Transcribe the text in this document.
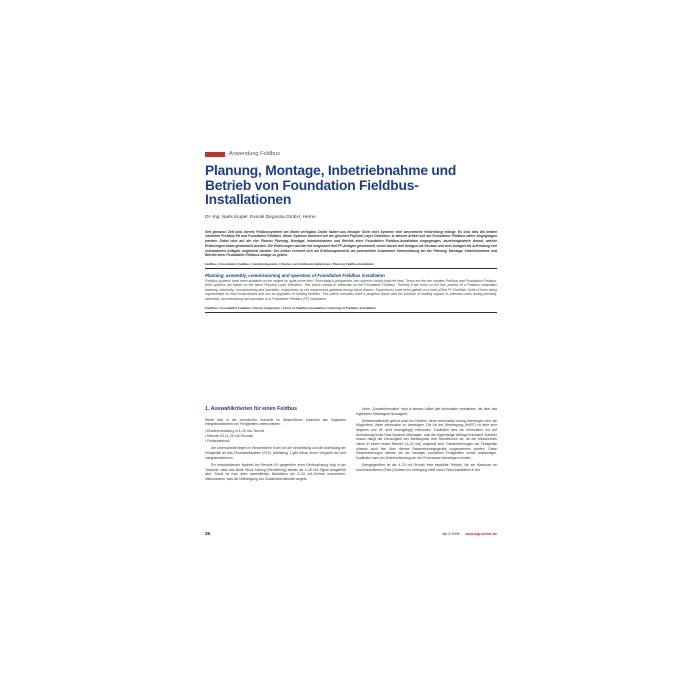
Anwendung Feldbus
Planung, Montage, Inbetriebnahme und Betrieb von Foundation Fieldbus-Installationen
Dr.-Ing. Niels Kiupel, Evonik Degussa GmbH, Herne

Seit genauso Zeit sind bereits Feldbussysteme am Markt verfügbar. Dabei haben aus heutiger Sicht zwei Systeme eine wesentliche Verbreitung erlangt. Es sind dies die beiden Varianten Profibus PA und Foundation Fieldbus. Beide Systeme basieren auf der gleichen Physical Layer Definition. In diesem Artikel soll auf Foundation Fieldbus näher eingegangen werden. Dabei wird auf die vier Phasen Planung, Montage, Inbetriebnahme und Betrieb einer Foundation Fieldbus-Installation eingegangen, beziehungsweise darauf, welche Erfahrungen dabei gesammelt wurden. Die Erfahrungen wurden bei insgesamt fünf FF-Anlagen gesammelt, wobei davon drei Anlagen als Neubau und zwei Anlagen als Aufrüstung von vorhandenen Anlagen umgesetzt wurden. Der Artikel versteht sich als Erfahrungsbericht um potenziellen Anwendern Unterstützung bei der Planung, Montage, Inbetriebnahme und Betrieb einer Foundation Fieldbus-Anlage zu geben.

Feldbus / Foundation Fieldbus / Geräteintegration / Kosten von Feldbusinstallationen / Planung Feldbusinstallation
Planning, assembly, commissioning and operation of Foundation Fieldbus installation

Fieldbus systems have been available on the market for quite some time. From today's perspective, two systems clearly lead the field. These are the two variants Profibus and Foundation Fieldbus. Both systems are based on the same Physical Layer Definition. This article means to elaborate on the Foundation Fieldbus. Thereby it will focus on the four phases of a Fieldbus installation planning, assembly, commissioning and operation, respectively on the experiences gathered during these phases. Experiences have been gained on a total of five FF-Facilities, three of them being implemented as new constructions and two as upgrades of existing facilities. This article considers itself a progress report with the purpose of lending support to potential users during planning, assembly, commissioning and operation of a Foundation Fieldbus (FF) installation.

Fieldbus / Foundation Fieldbus / Device Integration / Costs of Fieldbus Installation / Planning of Fieldbus Installation
1. Auswahlkriterien für einen Feldbus

Heute wird in der chemischen Industrie im Wesentlichen zwischen den folgenden Integrationsformen von Feldgeräten unterschieden:

• Einzelverdrahtung in 4–20 mA-Technik
• Remote I/O (4–20 mA-Technik)
• Feldbustechnik

Die Unterschiede liegen im Wesentlichen in der Art der Verdrahtung und der Anbindung der Feldgeräte an das Prozessleitsystem (PLS). Abbildung 1 gibt hierzu einen Vergleich der drei Integrationsformen.

Ein entscheidender Nachteil bei Remote I/O gegenüber einer Feldbuslösung liegt in der Tatsache, dass das letzte Stück Leitung (Stichleitung) wieder als 4–20 mA-Signal ausgeführt wird. Somit ist man allen wesentlichen Nachteilen der 4–20 mA-Technik unterworfen, insbesondere, was die Übertragung von Zusatzinformationen angeht.

Unter „Zusatzinformation" wird in diesem Artikel alle Information verstanden, die über das eigentliche Messsignal hinausgeht.

Selbstverständlich gibt es auch bei Geräten, deren Information analog übertragen wird, die Möglichkeit, diese Information zu übertragen. Die Art der Übertragung (HART) ist aber sehr langsam und oft nicht durchgängig vorhanden. Zusätzlich wird die Information nur auf Anforderung eines Host-Systems übertragen, was die regelmäßige Abfrage erschwert. Darüber hinaus hängt die Genauigkeit des Messsignals vom Messbereich ab, da der Messbereich immer in einem festen Bereich (4–20 mA) aufgeteilt wird. Parametrierungen der Feldgeräte müssen auch hier über diverse Parametrierungsgeräte vorgenommen werden. Diese Parametrierungen werden bei der heutigen komplexen Feldgeräten immer aufwändiger. Zusätzlich kann per Drahtverbindung nur der Prozesswert übertragen werden.

Demgegenüber ist die 4–20 mA-Technik eine bewährte Technik, die ein Maximum an Unterschiedlichen (Feld-)Geräten zur Verfügung stellt und in Feed-Installation in der

26	atp 5.2008 www.atp-online.de
